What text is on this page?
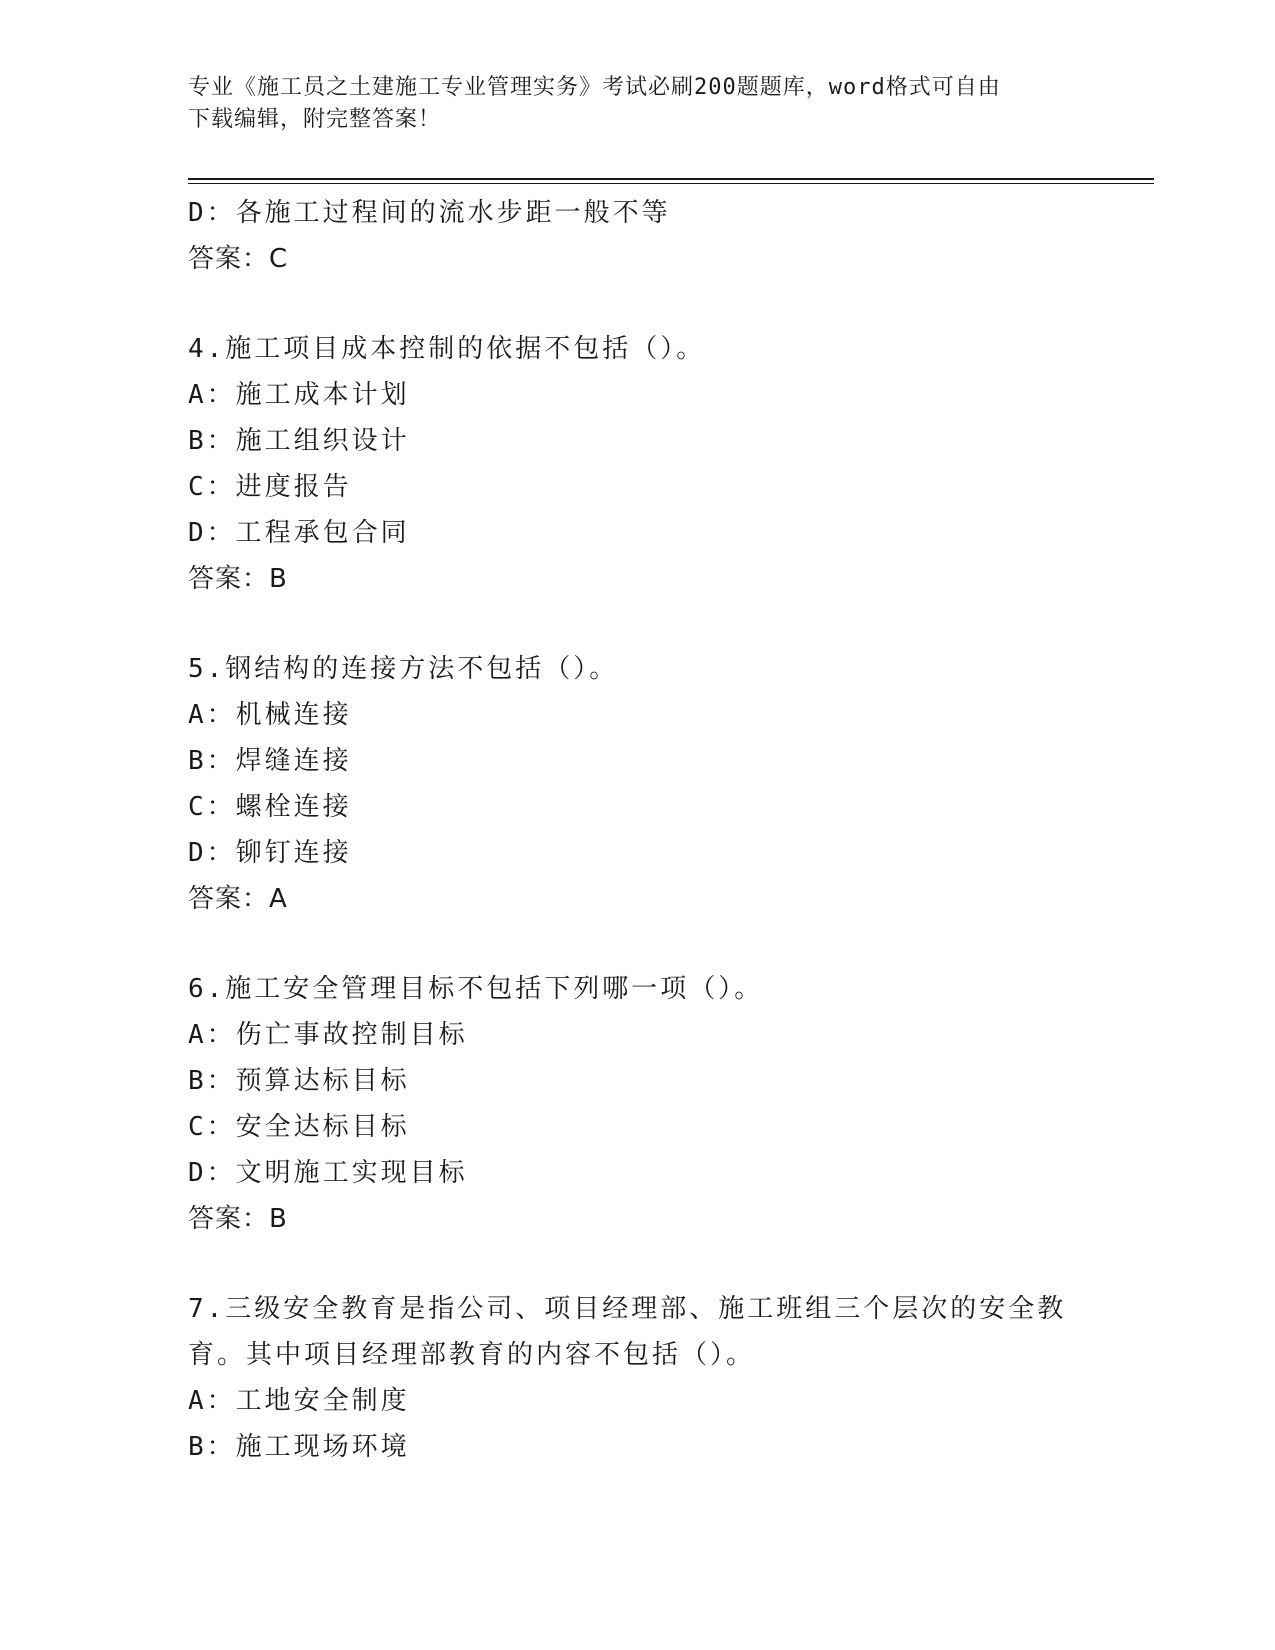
专业《施工员之土建施工专业管理实务》考试必刷200题题库，word格式可自由
下载编辑，附完整答案！
D：各施工过程间的流水步距一般不等
答案：C
4.施工项目成本控制的依据不包括（）。
A：施工成本计划
B：施工组织设计
C：进度报告
D：工程承包合同
答案：B
5.钢结构的连接方法不包括（）。
A：机械连接
B：焊缝连接
C：螺栓连接
D：铆钉连接
答案：A
6.施工安全管理目标不包括下列哪一项（）。
A：伤亡事故控制目标
B：预算达标目标
C：安全达标目标
D：文明施工实现目标
答案：B
7.三级安全教育是指公司、项目经理部、施工班组三个层次的安全教
育。其中项目经理部教育的内容不包括（）。
A：工地安全制度
B：施工现场环境
